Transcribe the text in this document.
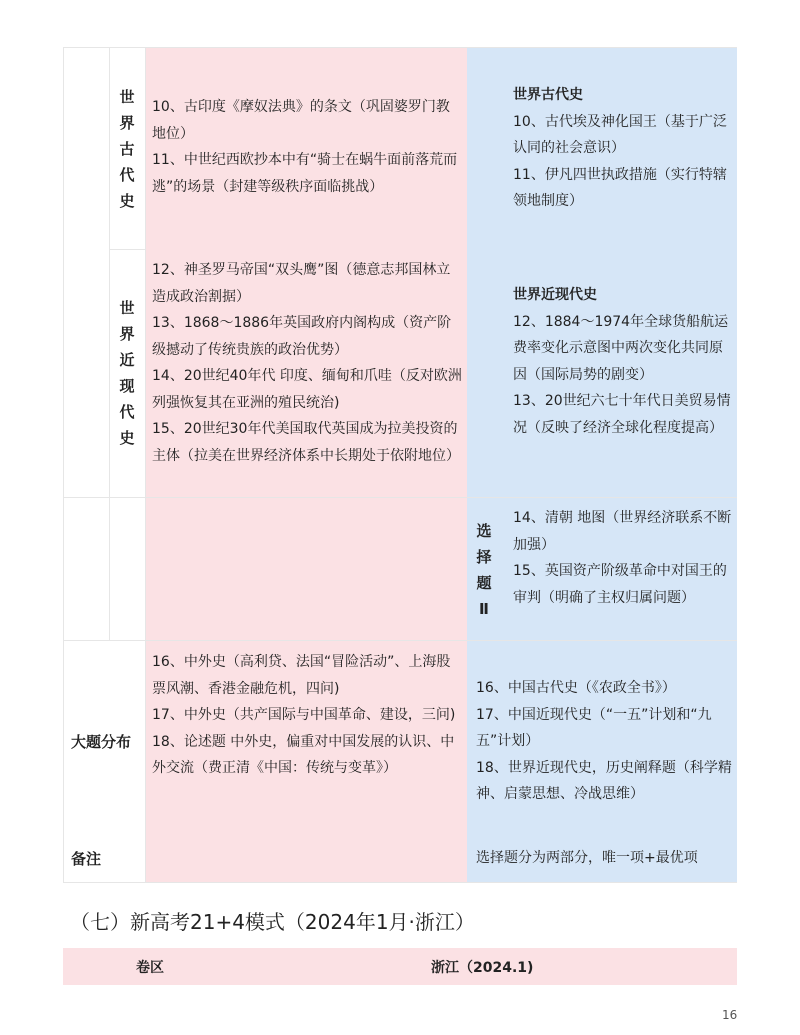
世界古代史

10、古印度《摩奴法典》的条文（巩固婆罗门教地位）

11、中世纪西欧抄本中有“骑士在蜗牛面前落荒而逃”的场景（封建等级秩序面临挑战）

世界古代史

10、古代埃及神化国王（基于广泛认同的社会意识）

11、伊凡四世执政措施（实行特辖领地制度）

世界近现代史

12、神圣罗马帝国“双头鹰”图（德意志邦国林立造成政治割据）

13、1868～1886年英国政府内阁构成（资产阶级撼动了传统贵族的政治优势）

14、20世纪40年代 印度、缅甸和爪哇（反对欧洲列强恢复其在亚洲的殖民统治)

15、20世纪30年代美国取代英国成为拉美投资的主体（拉美在世界经济体系中长期处于依附地位）

世界近现代史

12、1884～1974年全球货船航运费率变化示意图中两次变化共同原因（国际局势的剧变）

13、20世纪六七十年代日美贸易情况（反映了经济全球化程度提高）

选择题Ⅱ

14、清朝 地图（世界经济联系不断加强）

15、英国资产阶级革命中对国王的审判（明确了主权归属问题）

大题分布

16、中外史（高利贷、法国“冒险活动”、上海股票风潮、香港金融危机，四问)

17、中外史（共产国际与中国革命、建设，三问)

18、论述题 中外史，偏重对中国发展的认识、中外交流（费正清《中国：传统与变革》）

16、中国古代史（《农政全书》）

17、中国近现代史（“一五”计划和“九五”计划）

18、世界近现代史，历史阐释题（科学精神、启蒙思想、冷战思维）

备注	选择题分为两部分，唯一项+最优项

（七）新高考21+4模式（2024年1月·浙江）
卷区	浙江（2024.1)
16
